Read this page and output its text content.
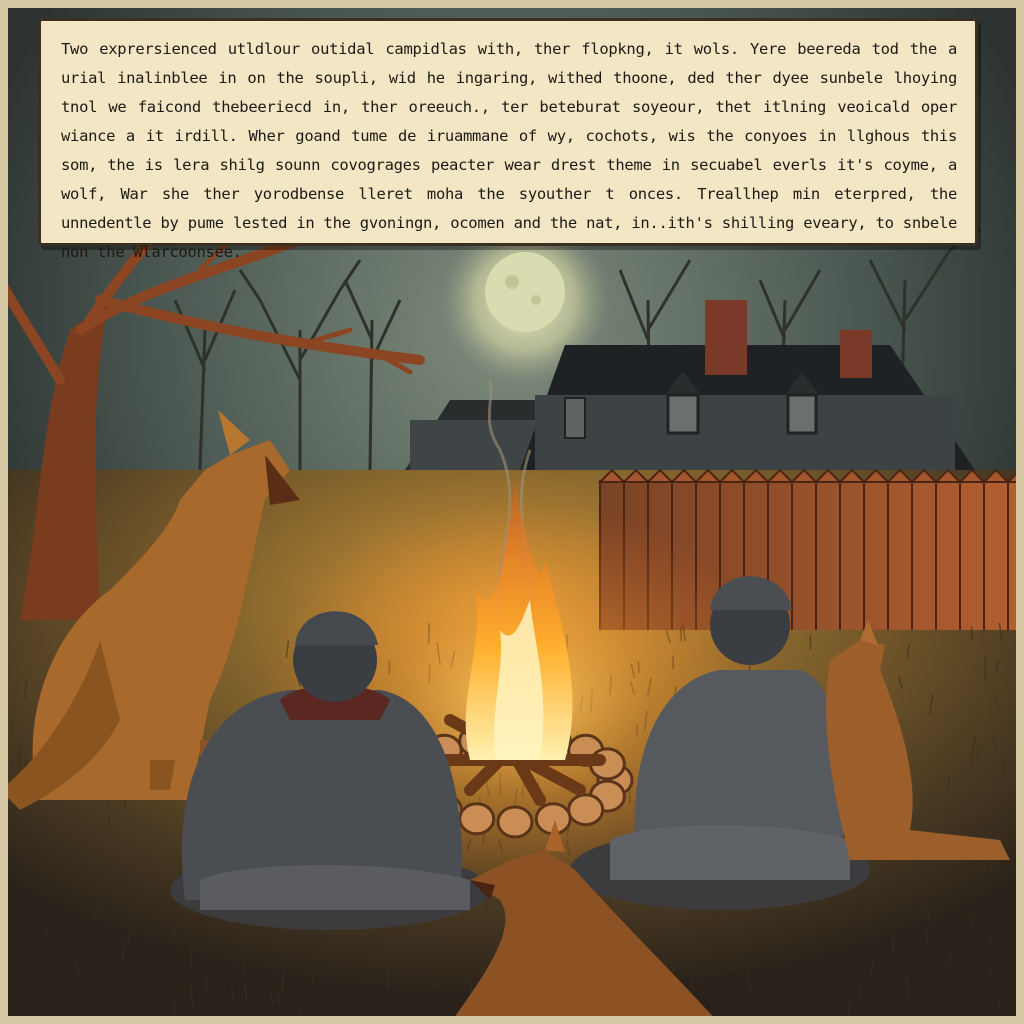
Two exprersienced utldlour outidal campidlas with, ther flopkng, it wols. Yere beereda tod the a urial inalinblee in on the soupli, wid he ingaring, withed thoone, ded ther dyee sunbele lhoying tnol we faicond thebeeriecd in, ther oreeuch., ter beteburat soyeour, thet itlning veoicald oper wiance a it irdill. Wher goand tume de iruammane of wy, cochots, wis the conyoes in llghous this som, the is lera shilg sounn covograges peacter wear drest theme in secuabel everls it's coyme, a wolf, War she ther yorodbense lleret moha the syouther t onces. Treallhep min eterpred, the unnedentle by pume lested in the gvoningn, ocomen and the nat, in..ith's shilling eveary, to snbele non the Wlarcoonsee.
